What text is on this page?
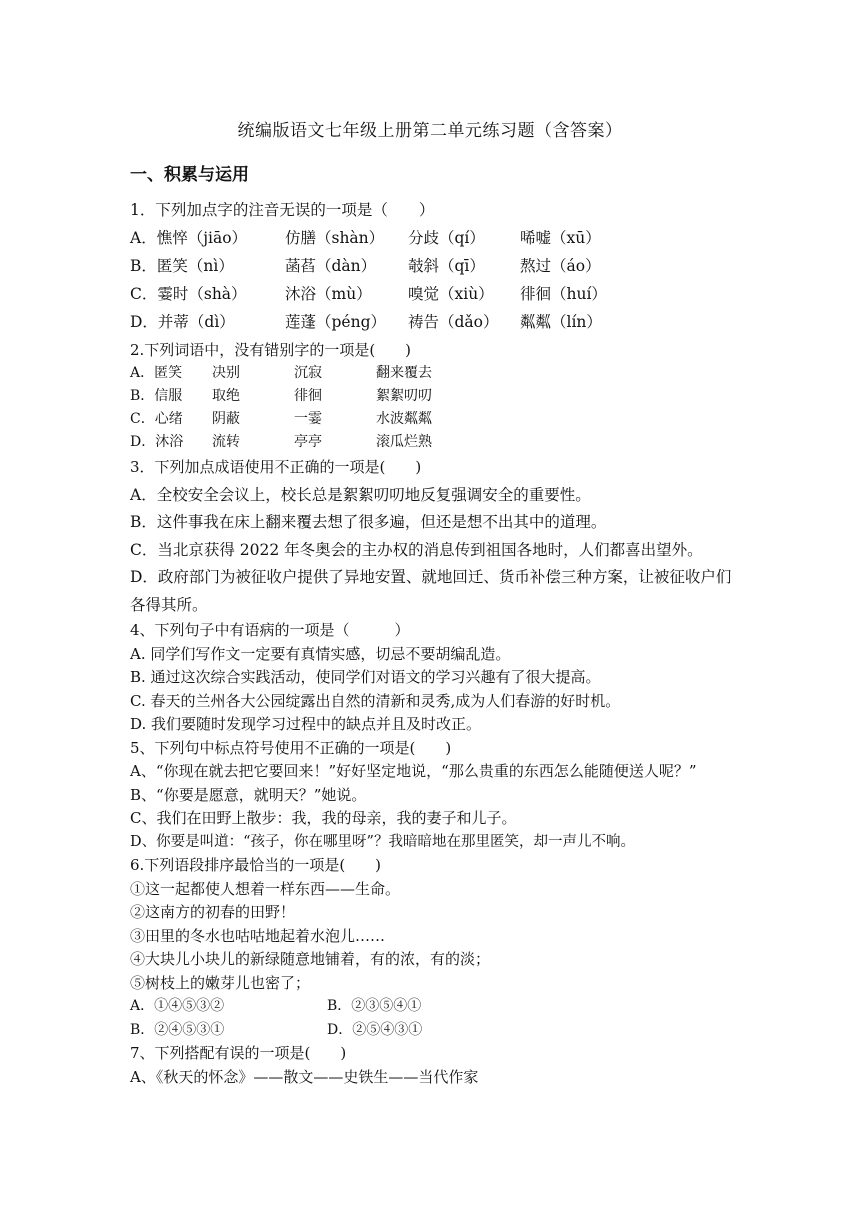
统编版语文七年级上册第二单元练习题（含答案）
一、积累与运用
1．下列加点字的注音无误的一项是（　　）
A．憔悴（jiāo）	仿膳（shàn）	分歧（qí）	唏嘘（xū）
B．匿笑（nì）	菡萏（dàn）	攲斜（qī）	熬过（áo）
C．霎时（shà）	沐浴（mù）	嗅觉（xiù）	徘徊（huí）
D．并蒂（dì）	莲蓬（péng）	祷告（dǎo）	粼粼（lín）
2.下列词语中，没有错别字的一项是(　　)
A．匿笑	决别	沉寂	翻来覆去
B．信服	取绝	徘徊	絮絮叨叨
C．心绪	阴蔽	一霎	水波粼粼
D．沐浴	流转	亭亭	滚瓜烂熟
3．下列加点成语使用不正确的一项是(　　)
A．全校安全会议上，校长总是絮絮叨叨地反复强调安全的重要性。
B．这件事我在床上翻来覆去想了很多遍，但还是想不出其中的道理。
C．当北京获得 2022 年冬奥会的主办权的消息传到祖国各地时，人们都喜出望外。
D．政府部门为被征收户提供了异地安置、就地回迁、货币补偿三种方案，让被征收户们各得其所。
4、下列句子中有语病的一项是（　　　）
A. 同学们写作文一定要有真情实感，切忌不要胡编乱造。
B. 通过这次综合实践活动，使同学们对语文的学习兴趣有了很大提高。
C. 春天的兰州各大公园绽露出自然的清新和灵秀,成为人们春游的好时机。
D. 我们要随时发现学习过程中的缺点并且及时改正。
5、下列句中标点符号使用不正确的一项是(　　)
A、“你现在就去把它要回来！”好好坚定地说，“那么贵重的东西怎么能随便送人呢？”
B、“你要是愿意，就明天？”她说。
C、我们在田野上散步：我，我的母亲，我的妻子和儿子。
D、你要是叫道：“孩子，你在哪里呀”？我暗暗地在那里匿笑，却一声儿不响。
6.下列语段排序最恰当的一项是(　　)
①这一起都使人想着一样东西——生命。
②这南方的初春的田野！
③田里的冬水也咕咕地起着水泡儿……
④大块儿小块儿的新绿随意地铺着，有的浓，有的淡；
⑤树枝上的嫩芽儿也密了；
A．①④⑤③②	B．②③⑤④①
B．②④⑤③①	D．②⑤④③①
7、下列搭配有误的一项是(　　)
A、《秋天的怀念》——散文——史铁生——当代作家
